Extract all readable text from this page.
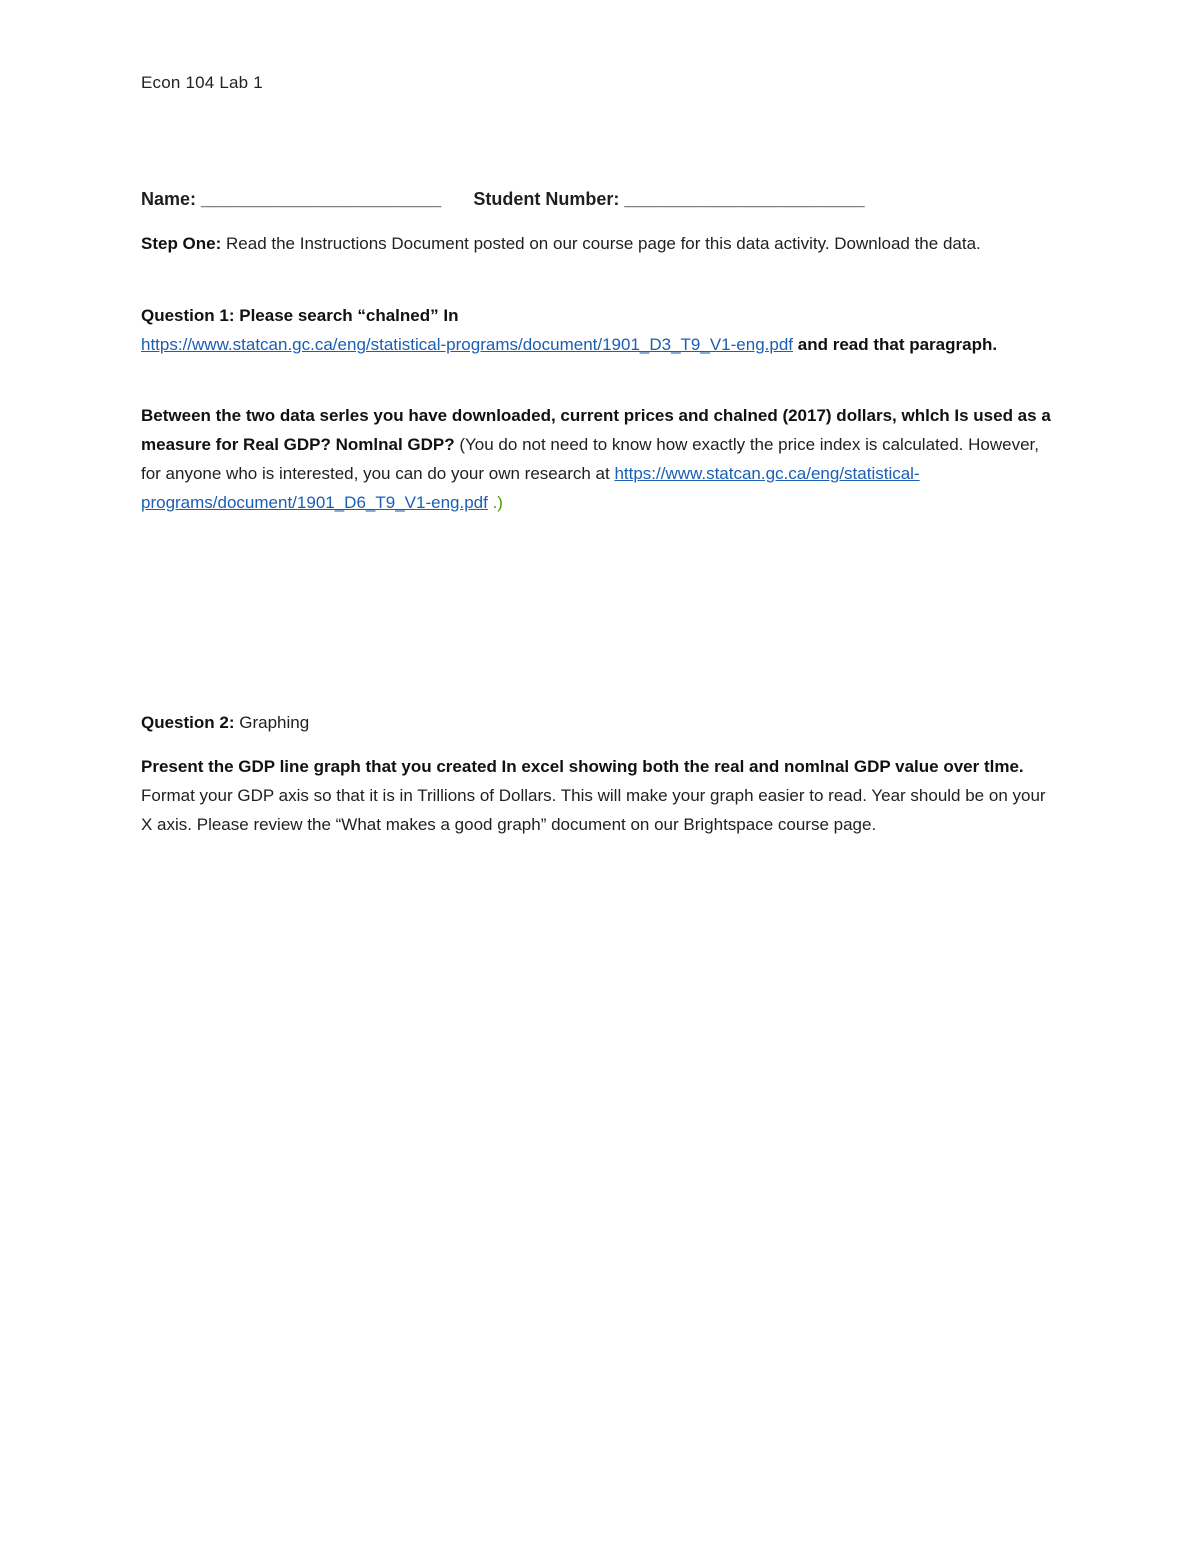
Econ 104 Lab 1
Name: ________________________ Student Number: ________________________
Step One: Read the Instructions Document posted on our course page for this data activity. Download the data.
Question 1: Please search “chalned” In
https://www.statcan.gc.ca/eng/statistical-programs/document/1901_D3_T9_V1-eng.pdf and read that paragraph.
Between the two data serles you have downloaded, current prices and chalned (2017) dollars, whlch Is used as a measure for Real GDP? Nomlnal GDP? (You do not need to know how exactly the price index is calculated. However, for anyone who is interested, you can do your own research at https://www.statcan.gc.ca/eng/statistical-programs/document/1901_D6_T9_V1-eng.pdf .)
Question 2: Graphing
Present the GDP line graph that you created In excel showing both the real and nomlnal GDP value over tlme. Format your GDP axis so that it is in Trillions of Dollars. This will make your graph easier to read. Year should be on your X axis. Please review the “What makes a good graph” document on our Brightspace course page.
